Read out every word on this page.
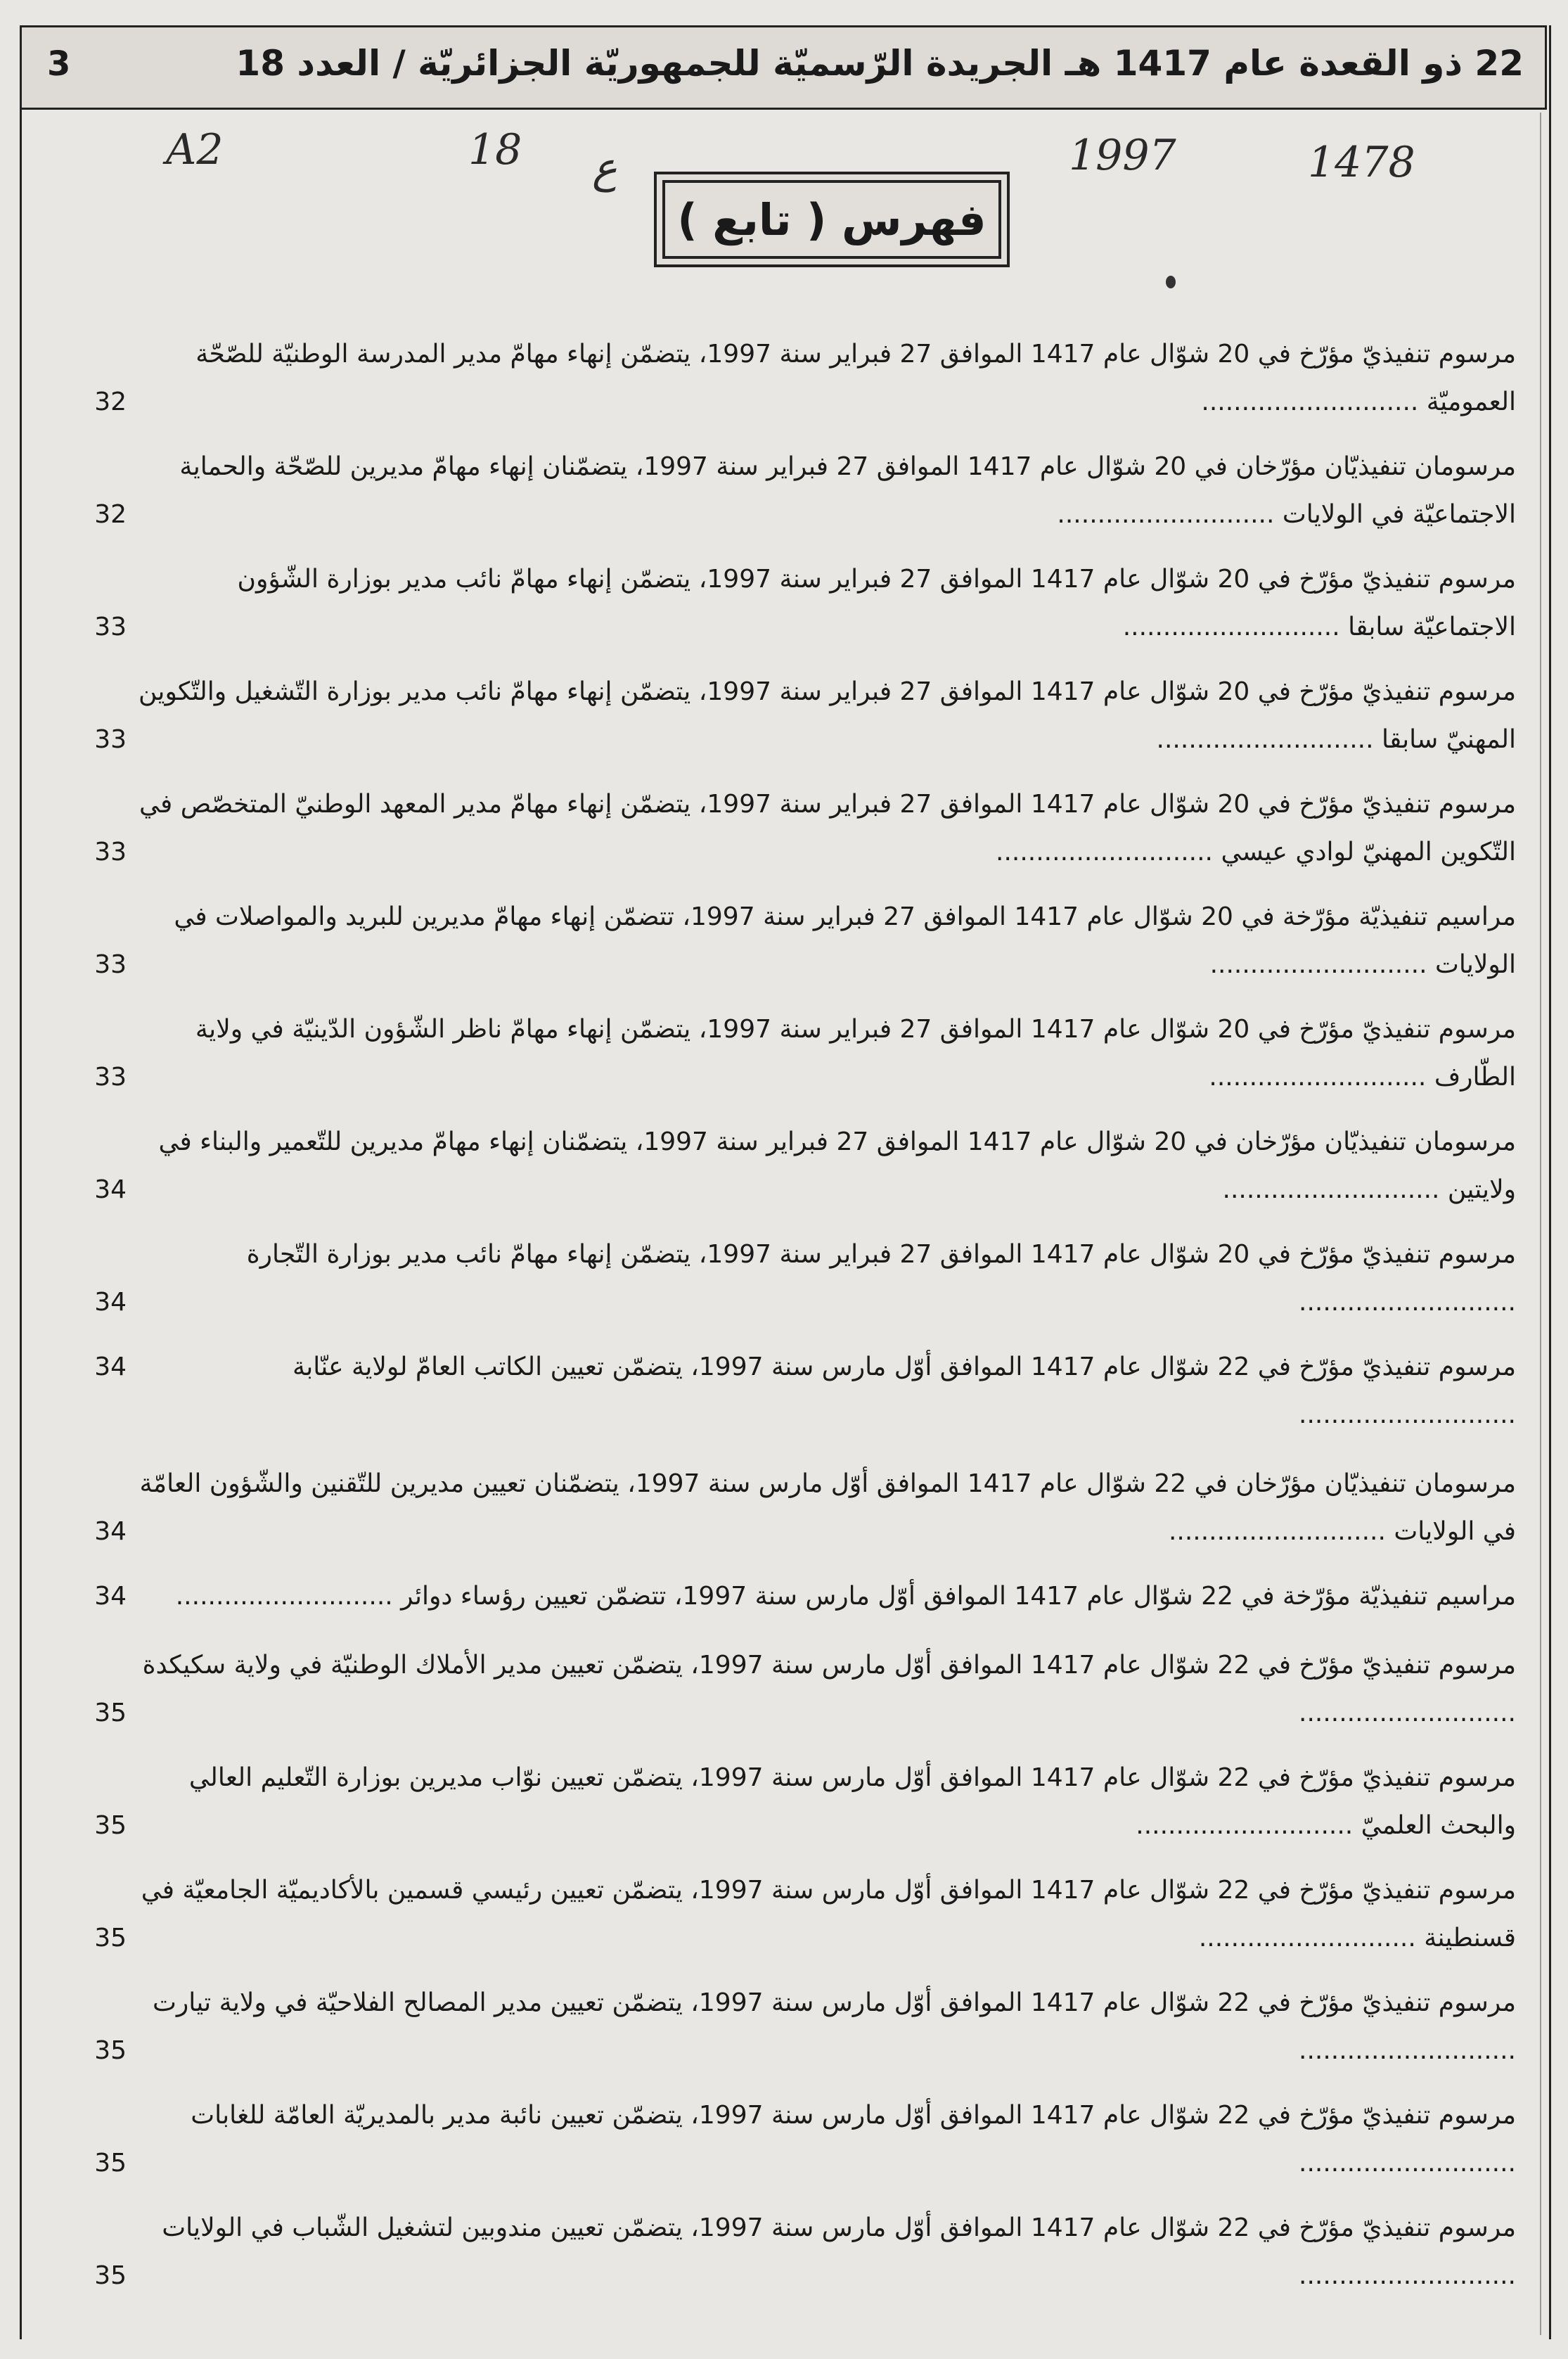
22 ذو القعدة عام 1417 هـ الجريدة الرّسميّة للجمهوريّة الجزائريّة / العدد 18
3
A2	18 ع	1997	1478
فهرس ( تابع )
مرسوم تنفيذيّ مؤرّخ في 20 شوّال عام 1417 الموافق 27 فبراير سنة 1997، يتضمّن إنهاء مهامّ مدير المدرسة الوطنيّة للصّحّة العموميّة ...........................
32
مرسومان تنفيذيّان مؤرّخان في 20 شوّال عام 1417 الموافق 27 فبراير سنة 1997، يتضمّنان إنهاء مهامّ مديرين للصّحّة والحماية الاجتماعيّة في الولايات ...........................
32
مرسوم تنفيذيّ مؤرّخ في 20 شوّال عام 1417 الموافق 27 فبراير سنة 1997، يتضمّن إنهاء مهامّ نائب مدير بوزارة الشّؤون الاجتماعيّة سابقا ...........................
33
مرسوم تنفيذيّ مؤرّخ في 20 شوّال عام 1417 الموافق 27 فبراير سنة 1997، يتضمّن إنهاء مهامّ نائب مدير بوزارة التّشغيل والتّكوين المهنيّ سابقا ...........................
33
مرسوم تنفيذيّ مؤرّخ في 20 شوّال عام 1417 الموافق 27 فبراير سنة 1997، يتضمّن إنهاء مهامّ مدير المعهد الوطنيّ المتخصّص في التّكوين المهنيّ لوادي عيسي ...........................
33
مراسيم تنفيذيّة مؤرّخة في 20 شوّال عام 1417 الموافق 27 فبراير سنة 1997، تتضمّن إنهاء مهامّ مديرين للبريد والمواصلات في الولايات ...........................
33
مرسوم تنفيذيّ مؤرّخ في 20 شوّال عام 1417 الموافق 27 فبراير سنة 1997، يتضمّن إنهاء مهامّ ناظر الشّؤون الدّينيّة في ولاية الطّارف ...........................
33
مرسومان تنفيذيّان مؤرّخان في 20 شوّال عام 1417 الموافق 27 فبراير سنة 1997، يتضمّنان إنهاء مهامّ مديرين للتّعمير والبناء في ولايتين ...........................
34
مرسوم تنفيذيّ مؤرّخ في 20 شوّال عام 1417 الموافق 27 فبراير سنة 1997، يتضمّن إنهاء مهامّ نائب مدير بوزارة التّجارة ...........................
34
مرسوم تنفيذيّ مؤرّخ في 22 شوّال عام 1417 الموافق أوّل مارس سنة 1997، يتضمّن تعيين الكاتب العامّ لولاية عنّابة ...........................
34
مرسومان تنفيذيّان مؤرّخان في 22 شوّال عام 1417 الموافق أوّل مارس سنة 1997، يتضمّنان تعيين مديرين للتّقنين والشّؤون العامّة في الولايات ...........................
34
مراسيم تنفيذيّة مؤرّخة في 22 شوّال عام 1417 الموافق أوّل مارس سنة 1997، تتضمّن تعيين رؤساء دوائر ...........................
34
مرسوم تنفيذيّ مؤرّخ في 22 شوّال عام 1417 الموافق أوّل مارس سنة 1997، يتضمّن تعيين مدير الأملاك الوطنيّة في ولاية سكيكدة ...........................
35
مرسوم تنفيذيّ مؤرّخ في 22 شوّال عام 1417 الموافق أوّل مارس سنة 1997، يتضمّن تعيين نوّاب مديرين بوزارة التّعليم العالي والبحث العلميّ ...........................
35
مرسوم تنفيذيّ مؤرّخ في 22 شوّال عام 1417 الموافق أوّل مارس سنة 1997، يتضمّن تعيين رئيسي قسمين بالأكاديميّة الجامعيّة في قسنطينة ...........................
35
مرسوم تنفيذيّ مؤرّخ في 22 شوّال عام 1417 الموافق أوّل مارس سنة 1997، يتضمّن تعيين مدير المصالح الفلاحيّة في ولاية تيارت ...........................
35
مرسوم تنفيذيّ مؤرّخ في 22 شوّال عام 1417 الموافق أوّل مارس سنة 1997، يتضمّن تعيين نائبة مدير بالمديريّة العامّة للغابات ...........................
35
مرسوم تنفيذيّ مؤرّخ في 22 شوّال عام 1417 الموافق أوّل مارس سنة 1997، يتضمّن تعيين مندوبين لتشغيل الشّباب في الولايات ...........................
35
